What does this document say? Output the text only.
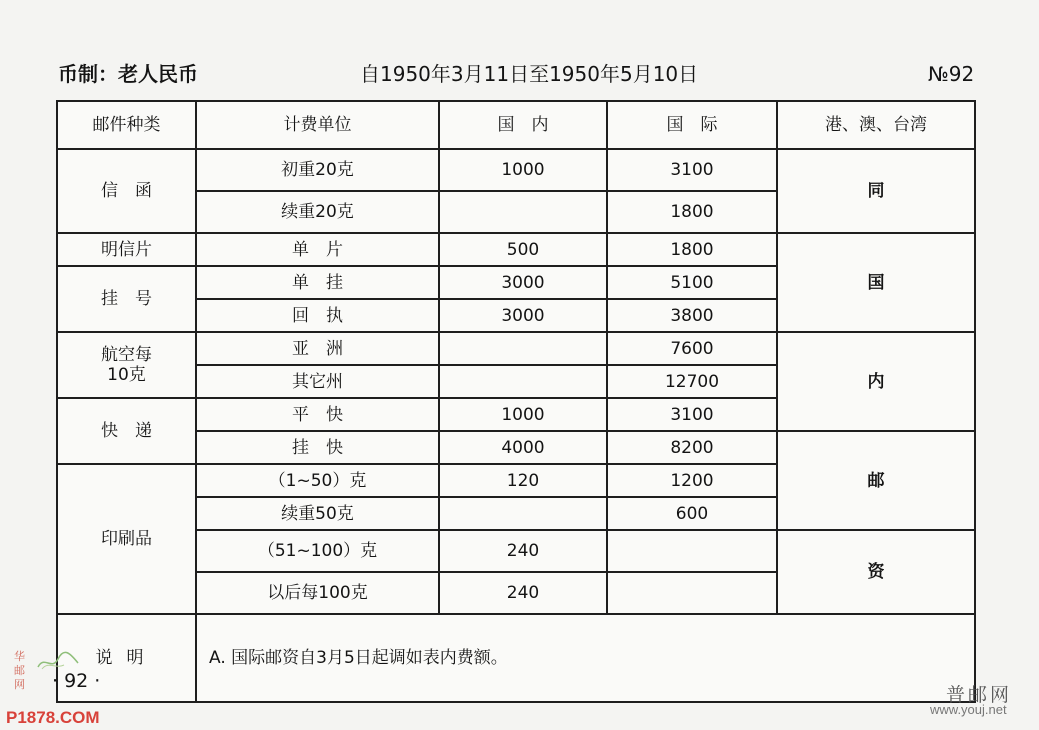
币制：老人民币	自1950年3月11日至1950年5月10日	№92
邮件种类	计费单位	国　内	国　际	港、澳、台湾
信　函	初重20克	1000	3100	同

	续重20克		1800	
明信片	单　片	500	1800	国

挂　号	单　挂	3000	5100	
	回　执	3000	3800	

航空每
10克	亚　洲		7600	内

	其它州		12700	
快　递	平　快	1000	3100	
	挂　快	4000	8200	邮

印刷品	（1~50）克	120	1200	
	续重50克		600	
	（51~100）克	240		资

	以后每100克	240		
说明	A. 国际邮资自3月5日起调如表内费额。			
· 92 ·
华邮网
P1878.COM
普邮网
www.youj.net
